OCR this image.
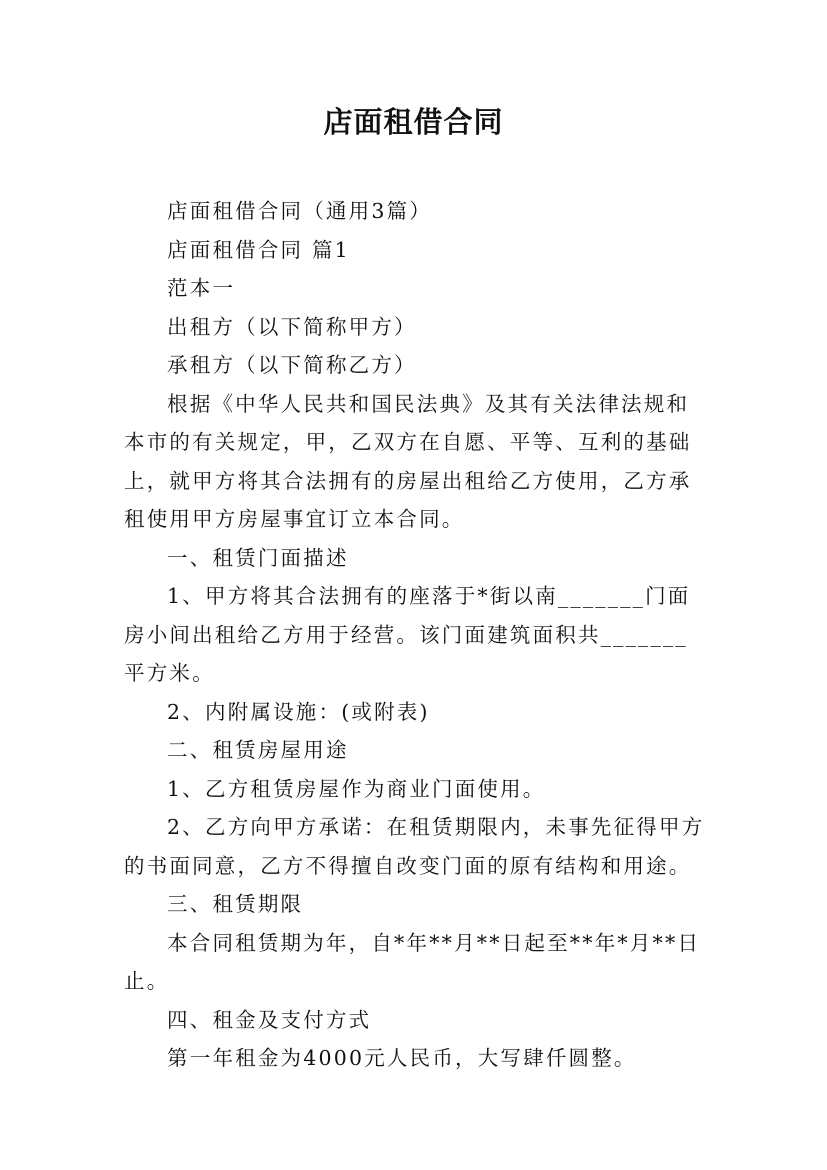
店面租借合同

店面租借合同（通用3篇）

店面租借合同 篇1

范本一

出租方（以下简称甲方）

承租方（以下简称乙方）

根据《中华人民共和国民法典》及其有关法律法规和本市的有关规定，甲，乙双方在自愿、平等、互利的基础上，就甲方将其合法拥有的房屋出租给乙方使用，乙方承租使用甲方房屋事宜订立本合同。

一、租赁门面描述

1、甲方将其合法拥有的座落于*街以南_______门面房小间出租给乙方用于经营。该门面建筑面积共_______平方米。

2、内附属设施：(或附表)

二、租赁房屋用途

1、乙方租赁房屋作为商业门面使用。

2、乙方向甲方承诺：在租赁期限内，未事先征得甲方的书面同意，乙方不得擅自改变门面的原有结构和用途。

三、租赁期限

本合同租赁期为年，自*年**月**日起至**年*月**日止。

四、租金及支付方式

第一年租金为4000元人民币，大写肆仟圆整。
